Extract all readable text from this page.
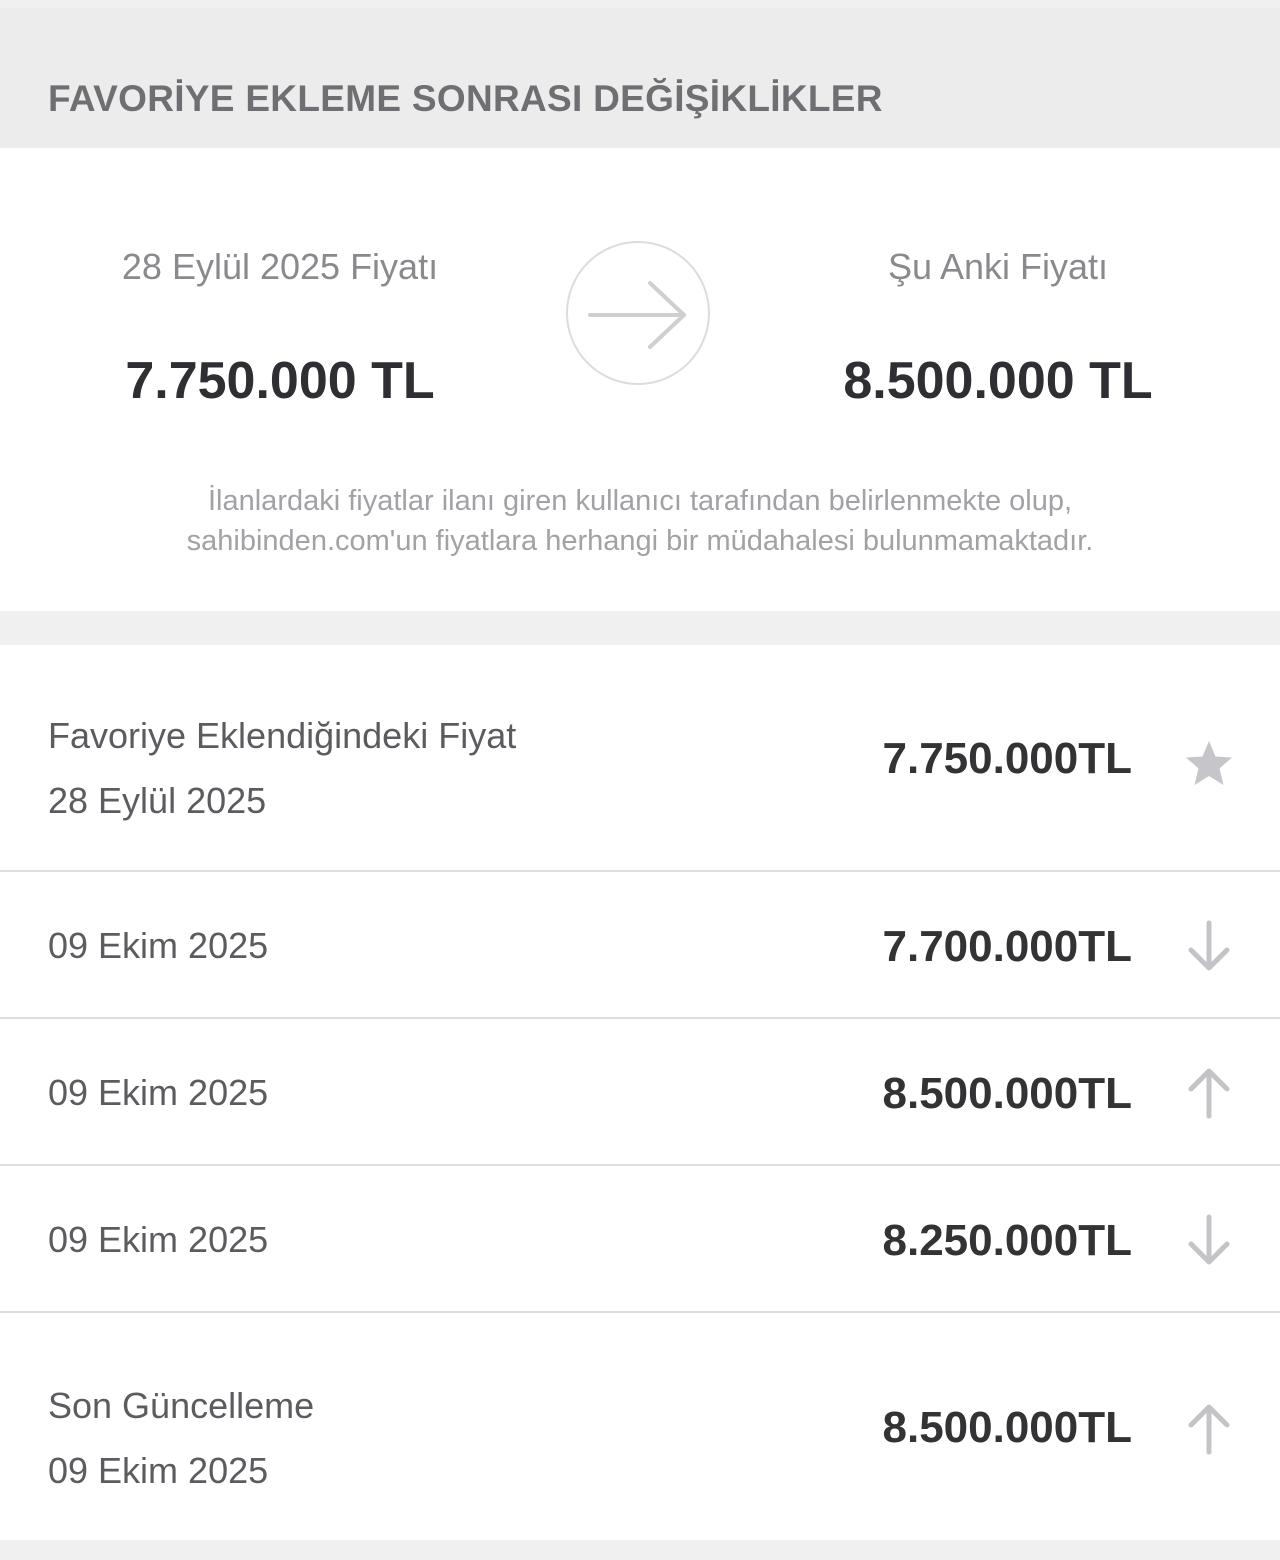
FAVORİYE EKLEME SONRASI DEĞİŞİKLİKLER
28 Eylül 2025 Fiyatı
7.750.000 TL
Şu Anki Fiyatı
8.500.000 TL
İlanlardaki fiyatlar ilanı giren kullanıcı tarafından belirlenmekte olup,
sahibinden.com'un fiyatlara herhangi bir müdahalesi bulunmamaktadır.
Favoriye Eklendiğindeki Fiyat
28 Eylül 2025
7.750.000TL
09 Ekim 2025	7.700.000TL
09 Ekim 2025	8.500.000TL
09 Ekim 2025	8.250.000TL
Son Güncelleme
09 Ekim 2025
8.500.000TL
